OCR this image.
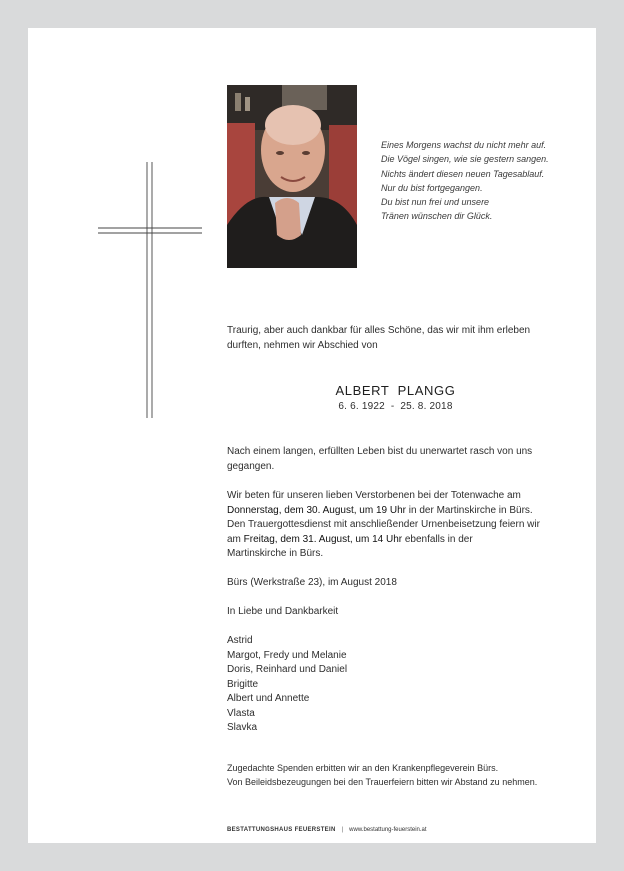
Eines Morgens wachst du nicht mehr auf.
Die Vögel singen, wie sie gestern sangen.
Nichts ändert diesen neuen Tagesablauf.
Nur du bist fortgegangen.
Du bist nun frei und unsere
Tränen wünschen dir Glück.
Traurig, aber auch dankbar für alles Schöne, das wir mit ihm erleben
durften, nehmen wir Abschied von
ALBERT  PLANGG
6. 6. 1922  -  25. 8. 2018
Nach einem langen, erfüllten Leben bist du unerwartet rasch von uns
gegangen.
Wir beten für unseren lieben Verstorbenen bei der Totenwache am
Donnerstag, dem 30. August, um 19 Uhr in der Martinskirche in Bürs.
Den Trauergottesdienst mit anschließender Urnenbeisetzung feiern wir
am Freitag, dem 31. August, um 14 Uhr ebenfalls in der
Martinskirche in Bürs.
Bürs (Werkstraße 23), im August 2018
In Liebe und Dankbarkeit
Astrid
Margot, Fredy und Melanie
Doris, Reinhard und Daniel
Brigitte
Albert und Annette
Vlasta
Slavka
Zugedachte Spenden erbitten wir an den Krankenpflegeverein Bürs.
Von Beileidsbezeugungen bei den Trauerfeiern bitten wir Abstand zu nehmen.
BESTATTUNGSHAUS FEUERSTEIN | www.bestattung-feuerstein.at
